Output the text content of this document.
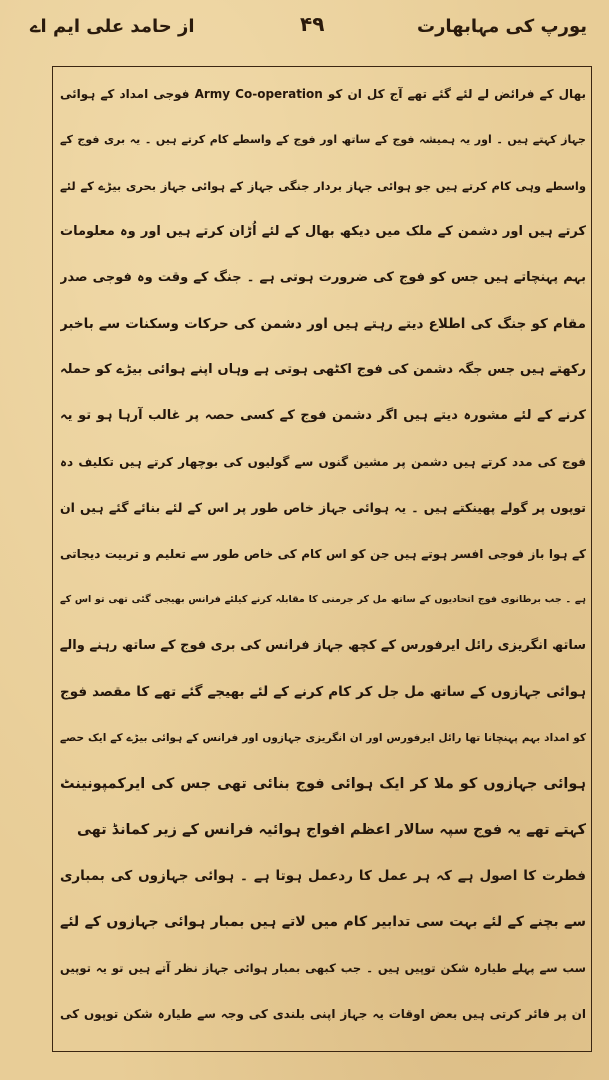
یورپ کی مہابھارت
۴۹
از حامد علی ایم اے
بھال کے فرائض لے لئے گئے تھے آج کل ان کو Army Co-operation فوجی امداد کے ہوائی
جہاز کہتے ہیں ۔ اور یہ ہمیشہ فوج کے ساتھ اور فوج کے واسطے کام کرتے ہیں ۔ یہ بری فوج کے
واسطے وہی کام کرتے ہیں جو ہوائی جہاز بردار جنگی جہاز کے ہوائی جہاز بحری بیڑے کے لئے
کرتے ہیں اور دشمن کے ملک میں دیکھ بھال کے لئے اُڑان کرتے ہیں اور وہ معلومات
بہم پہنچاتے ہیں جس کو فوج کی ضرورت ہوتی ہے ۔ جنگ کے وقت وہ فوجی صدر
مقام کو جنگ کی اطلاع دیتے رہتے ہیں اور دشمن کی حرکات وسکنات سے باخبر
رکھتے ہیں جس جگہ دشمن کی فوج اکٹھی ہوتی ہے وہاں اپنے ہوائی بیڑے کو حملہ
کرنے کے لئے مشورہ دیتے ہیں اگر دشمن فوج کے کسی حصہ پر غالب آرہا ہو تو یہ
فوج کی مدد کرتے ہیں دشمن پر مشین گنوں سے گولیوں کی بوچھار کرتے ہیں تکلیف دہ
توپوں پر گولے پھینکتے ہیں ۔ یہ ہوائی جہاز خاص طور پر اس کے لئے بنائے گئے ہیں ان
کے ہوا باز فوجی افسر ہوتے ہیں جن کو اس کام کی خاص طور سے تعلیم و تربیت دیجاتی
ہے ۔ جب برطانوی فوج اتحادیوں کے ساتھ مل کر جرمنی کا مقابلہ کرنے کیلئے فرانس بھیجی گئی تھی تو اس کے
ساتھ انگریزی رائل ایرفورس کے کچھ جہاز فرانس کی بری فوج کے ساتھ رہنے والے
ہوائی جہازوں کے ساتھ مل جل کر کام کرنے کے لئے بھیجے گئے تھے کا مقصد فوج
کو امداد بہم پہنچانا تھا رائل ایرفورس اور ان انگریزی جہازوں اور فرانس کے ہوائی بیڑے کے ایک حصے
ہوائی جہازوں کو ملا کر ایک ہوائی فوج بنائی تھی جس کی ایرکمپونینٹ
کہتے تھے یہ فوج سپہ سالار اعظم افواج ہوائیہ فرانس کے زیر کمانڈ تھی
فطرت کا اصول ہے کہ ہر عمل کا ردعمل ہوتا ہے ۔ ہوائی جہازوں کی بمباری
سے بچنے کے لئے بہت سی تدابیر کام میں لاتے ہیں بمبار ہوائی جہازوں کے لئے
سب سے پہلے طیارہ شکن توپیں ہیں ۔ جب کبھی بمبار ہوائی جہاز نظر آتے ہیں تو یہ توپیں
ان پر فائر کرتی ہیں بعض اوقات یہ جہاز اپنی بلندی کی وجہ سے طیارہ شکن توپوں کی
